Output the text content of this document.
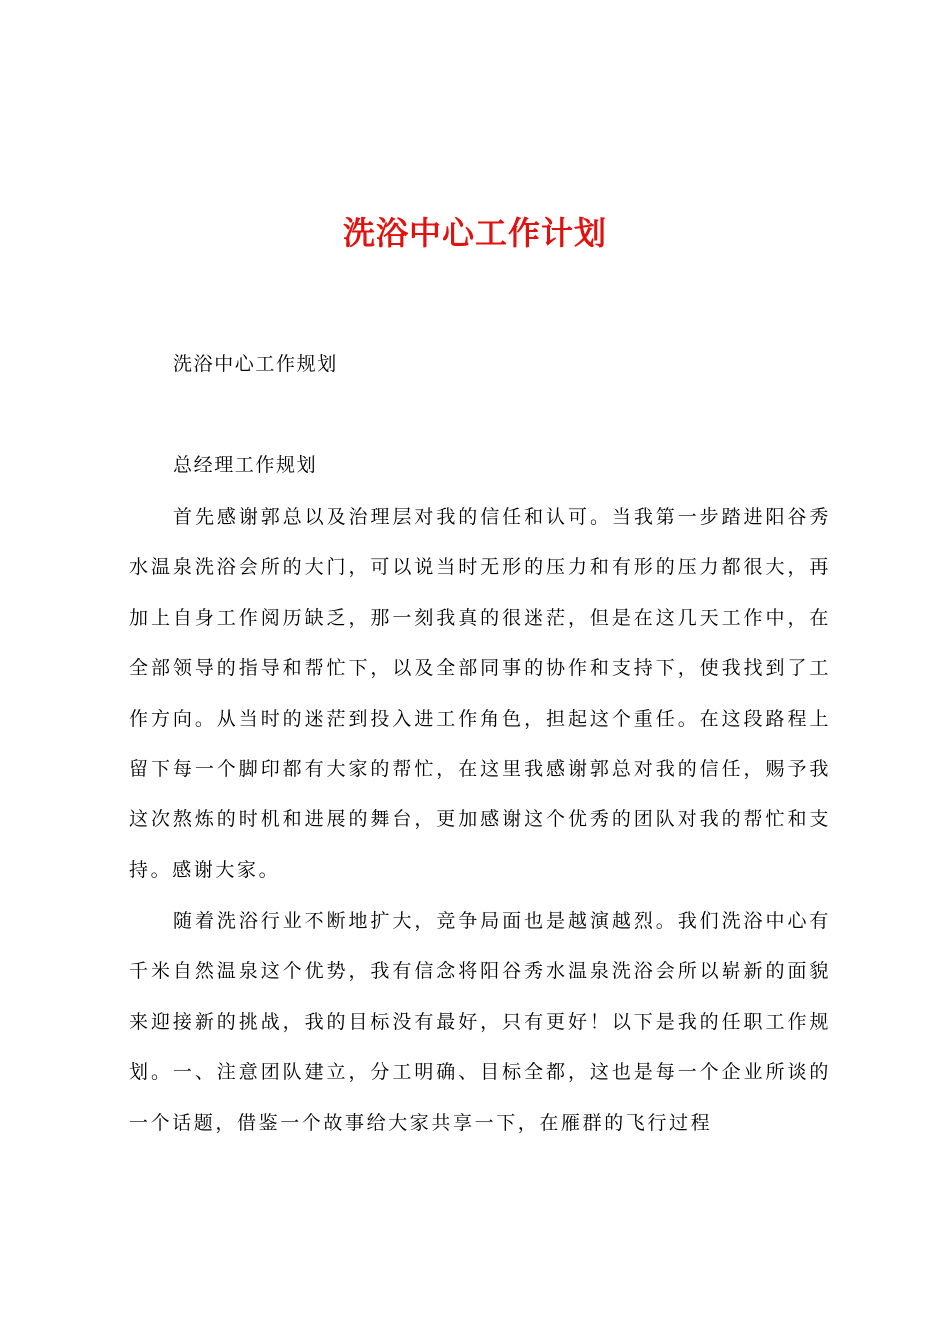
洗浴中心工作计划

洗浴中心工作规划

总经理工作规划

首先感谢郭总以及治理层对我的信任和认可。当我第一步踏进阳谷秀水温泉洗浴会所的大门，可以说当时无形的压力和有形的压力都很大，再加上自身工作阅历缺乏，那一刻我真的很迷茫，但是在这几天工作中，在全部领导的指导和帮忙下，以及全部同事的协作和支持下，使我找到了工作方向。从当时的迷茫到投入进工作角色，担起这个重任。在这段路程上留下每一个脚印都有大家的帮忙，在这里我感谢郭总对我的信任，赐予我这次熬炼的时机和进展的舞台，更加感谢这个优秀的团队对我的帮忙和支持。感谢大家。

随着洗浴行业不断地扩大，竞争局面也是越演越烈。我们洗浴中心有千米自然温泉这个优势，我有信念将阳谷秀水温泉洗浴会所以崭新的面貌来迎接新的挑战，我的目标没有最好，只有更好！以下是我的任职工作规划。一、注意团队建立，分工明确、目标全都，这也是每一个企业所谈的一个话题，借鉴一个故事给大家共享一下，在雁群的飞行过程
